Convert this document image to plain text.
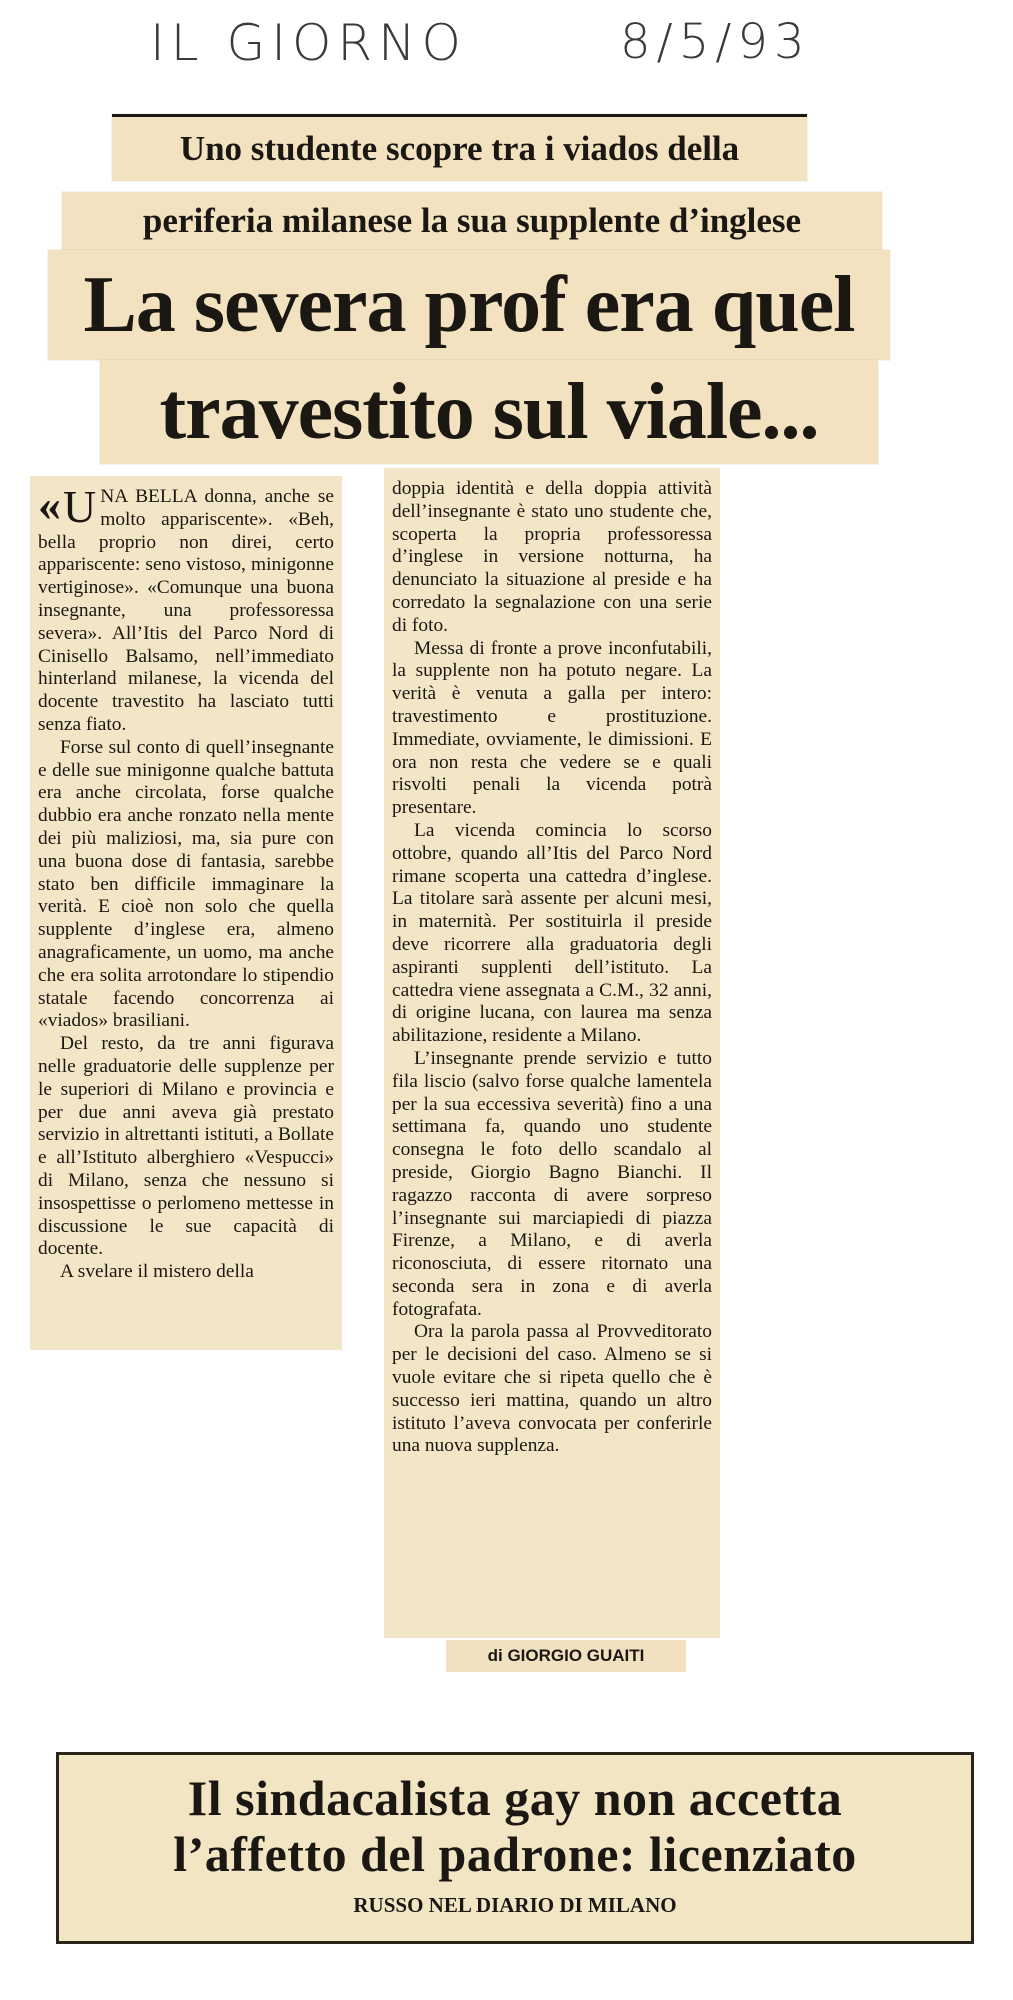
IL GIORNO	8/5/93
Uno studente scopre tra i viados della
periferia milanese la sua supplente d’inglese
La severa prof era quel
travestito sul viale...

« U NA BELLA donna, anche se molto appariscente». «Beh, bella proprio non direi, certo appariscente: seno vistoso, minigonne vertiginose». «Comunque una buona insegnante, una professoressa severa». All’Itis del Parco Nord di Cinisello Balsamo, nell’immediato hinterland milanese, la vicenda del docente travestito ha lasciato tutti senza fiato.

Forse sul conto di quell’insegnante e delle sue minigonne qualche battuta era anche circolata, forse qualche dubbio era anche ronzato nella mente dei più maliziosi, ma, sia pure con una buona dose di fantasia, sarebbe stato ben difficile immaginare la verità. E cioè non solo che quella supplente d’inglese era, almeno anagraficamente, un uomo, ma anche che era solita arrotondare lo stipendio statale facendo concorrenza ai «viados» brasiliani.

Del resto, da tre anni figurava nelle graduatorie delle supplenze per le superiori di Milano e provincia e per due anni aveva già prestato servizio in altrettanti istituti, a Bollate e all’Istituto alberghiero «Vespucci» di Milano, senza che nessuno si insospettisse o perlomeno mettesse in discussione le sue capacità di docente.

A svelare il mistero della

doppia identità e della doppia attività dell’insegnante è stato uno studente che, scoperta la propria professoressa d’inglese in versione notturna, ha denunciato la situazione al preside e ha corredato la segnalazione con una serie di foto.

Messa di fronte a prove inconfutabili, la supplente non ha potuto negare. La verità è venuta a galla per intero: travestimento e prostituzione. Immediate, ovviamente, le dimissioni. E ora non resta che vedere se e quali risvolti penali la vicenda potrà presentare.

La vicenda comincia lo scorso ottobre, quando all’Itis del Parco Nord rimane scoperta una cattedra d’inglese. La titolare sarà assente per alcuni mesi, in maternità. Per sostituirla il preside deve ricorrere alla graduatoria degli aspiranti supplenti dell’istituto. La cattedra viene assegnata a C.M., 32 anni, di origine lucana, con laurea ma senza abilitazione, residente a Milano.

L’insegnante prende servizio e tutto fila liscio (salvo forse qualche lamentela per la sua eccessiva severità) fino a una settimana fa, quando uno studente consegna le foto dello scandalo al preside, Giorgio Bagno Bianchi. Il ragazzo racconta di avere sorpreso l’insegnante sui marciapiedi di piazza Firenze, a Milano, e di averla riconosciuta, di essere ritornato una seconda sera in zona e di averla fotografata.

Ora la parola passa al Provveditorato per le decisioni del caso. Almeno se si vuole evitare che si ripeta quello che è successo ieri mattina, quando un altro istituto l’aveva convocata per conferirle una nuova supplenza.

di GIORGIO GUAITI
Il sindacalista gay non accetta
l’affetto del padrone: licenziato
RUSSO NEL DIARIO DI MILANO
